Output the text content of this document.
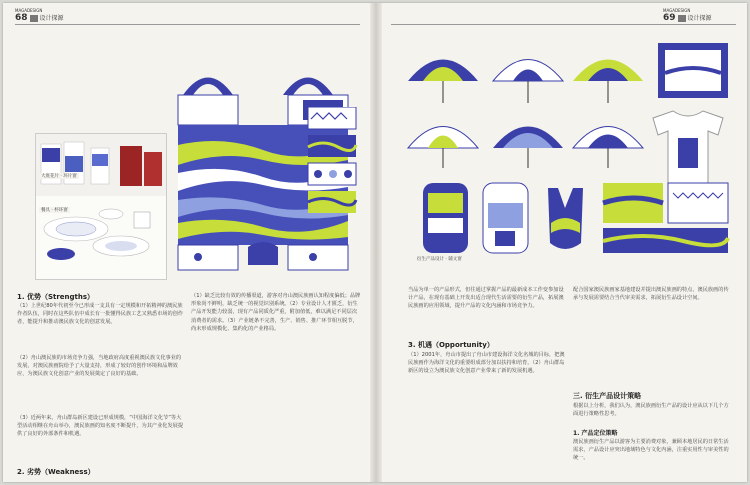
MAGADESIGN
68 设计探源
大底花片 · 环片窗
餐具 · 杯环窗
1. 优势（Strengths）
（1）上世纪80年代初至今已形成一支具有一定规模和开拓精神的澳民族作者队伍，同时在这些队伍中成长有一批懂得民族工艺又熟悉市场的创作者，能提升和推动澳民族文化的创意发展。
（2）舟山澳民族的市场竞争力强，当地政府高度重视澳民族文化事业的发展，对澳民族画院给予了大量支持，形成了较好的创作环境和品牌效应，为澳民族文化创意产业的发展奠定了良好的基础。
（3）近两年来，舟山群岛新区建设已形成规模，“中国海洋文化节”等大型活动相继在舟山举办，澳民族画的知名度不断提升，为其产业化发展提供了良好的外部条件和机遇。
2. 劣势（Weakness）
（1）缺乏比较有效的传播渠道，游客对舟山澳民族画认知程度偏低；品牌形象尚不鲜明，缺乏统一的视觉识别系统。（2）专业设计人才匮乏，衍生产品开发能力较弱，现有产品同质化严重，附加值低，难以满足不同层次消费者的需求。（3）产业链条不完善，生产、销售、推广环节相互脱节，尚未形成规模化、集约化的产业格局。
MAGADESIGN
69 设计探源
衍生产品设计 · 辅文窗
当品为单一的产品形式，但往通过掌握产品的最新成本工作变参加设计产品，在现有基础上开发出适合现代生活需要的衍生产品，拓展澳民族画的应用领域，提升产品的文化内涵和市场竞争力。
3. 机遇（Opportunity）
（1）2001年，舟山市提出了舟山市建设海洋文化名城的目标，把澳民族画作为海洋文化的重要组成部分加以扶持和培育。（2）舟山群岛新区的设立为澳民族文化创意产业带来了新的发展机遇。
配合国家澳民族画家基地建设并提出澳民族画的特点，澳民族画的传承与发展需要结合当代审美需求，拓展衍生品设计空间。
三. 衍生产品设计策略
根据以上分析，我们认为，澳民族画衍生产品的设计应从以下几个方面进行策略性思考。
1. 产品定位策略
澳民族画衍生产品以游客为主要消费对象，兼顾本地居民的日常生活需求，产品设计应突出地域特色与文化内涵，注重实用性与审美性的统一。
